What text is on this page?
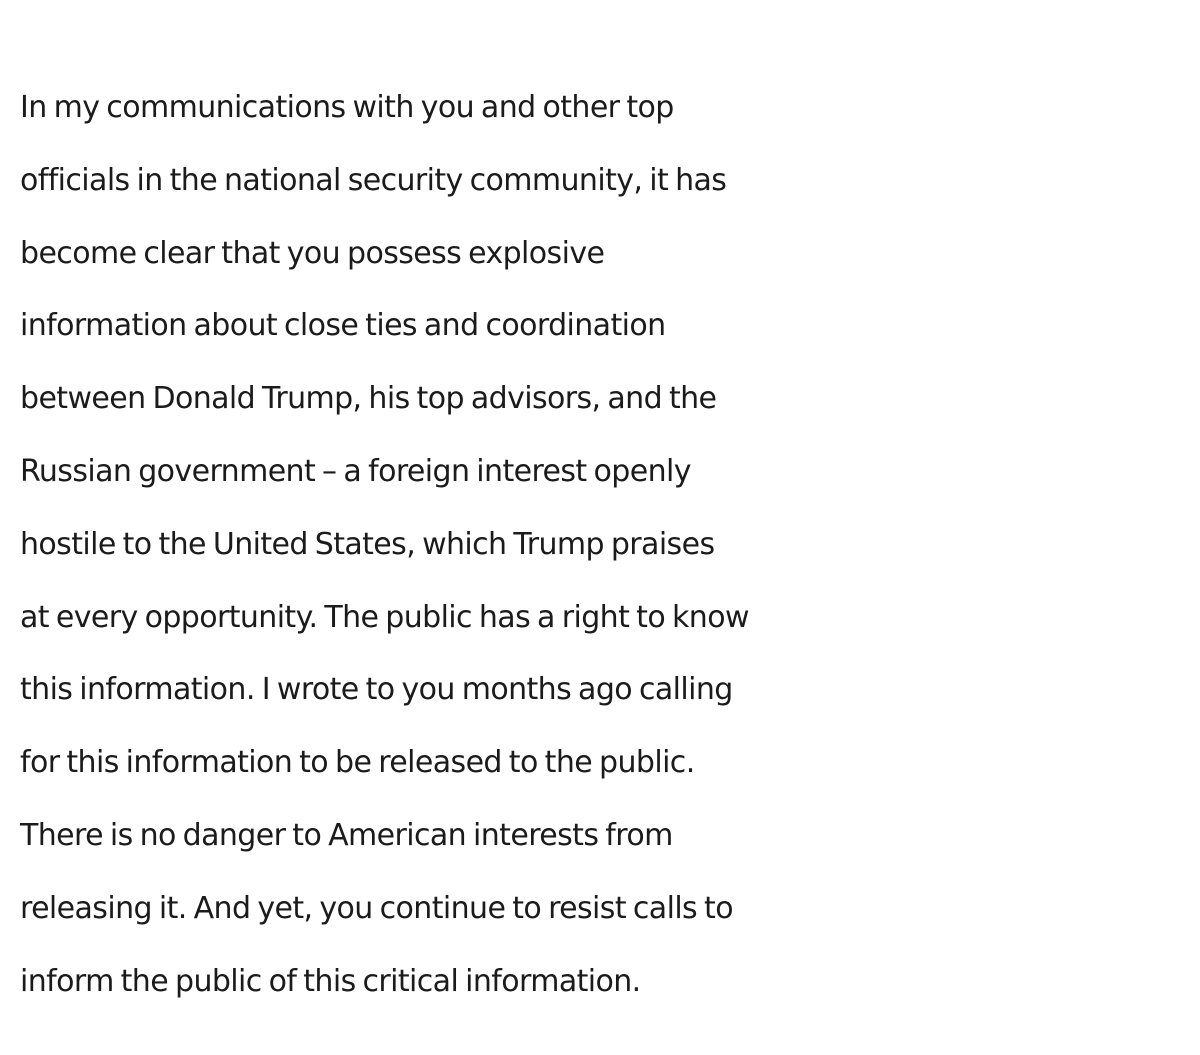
In my communications with you and other top
officials in the national security community, it has
become clear that you possess explosive
information about close ties and coordination
between Donald Trump, his top advisors, and the
Russian government – a foreign interest openly
hostile to the United States, which Trump praises
at every opportunity. The public has a right to know
this information. I wrote to you months ago calling
for this information to be released to the public.
There is no danger to American interests from
releasing it. And yet, you continue to resist calls to
inform the public of this critical information.
